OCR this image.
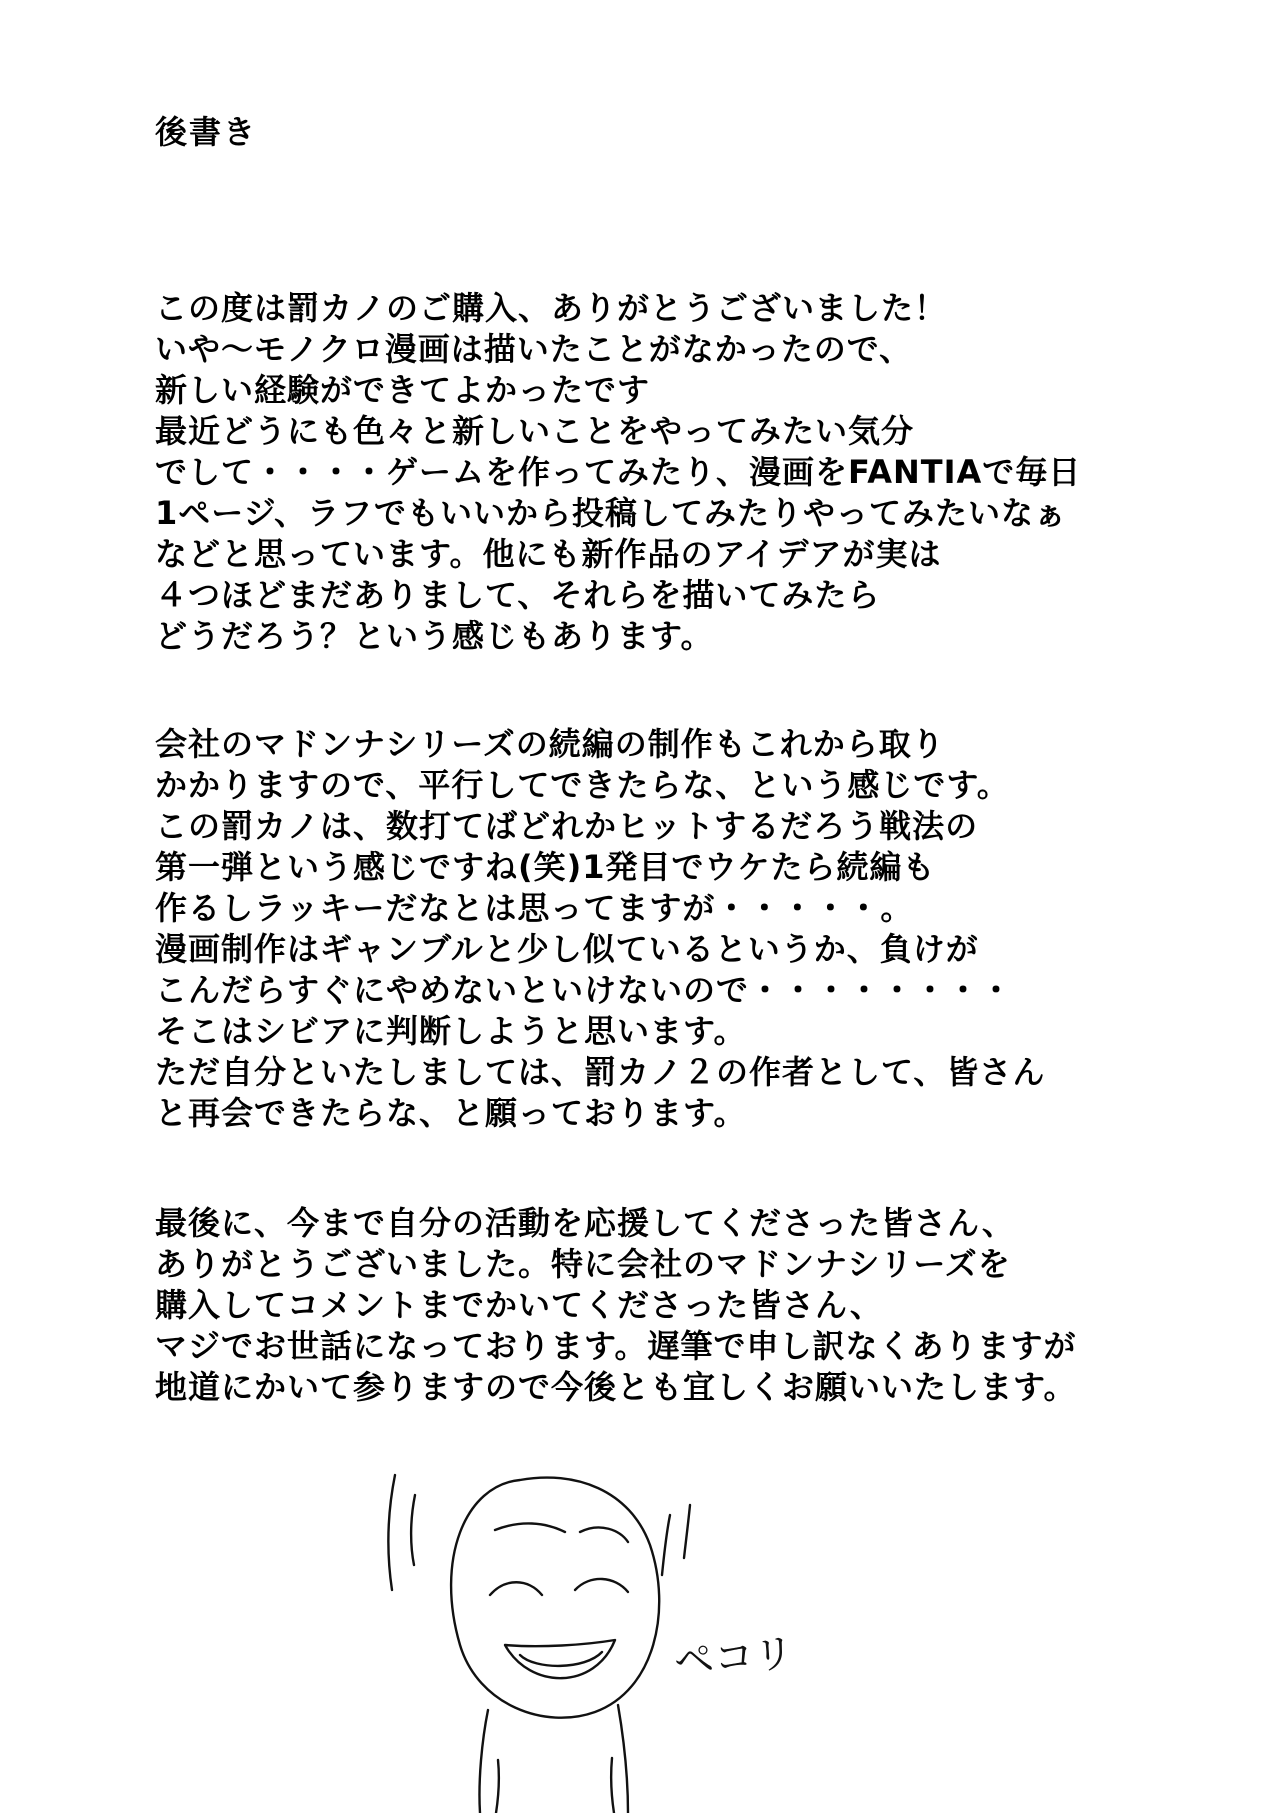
後書き
この度は罰カノのご購入、ありがとうございました！
いや〜モノクロ漫画は描いたことがなかったので、
新しい経験ができてよかったです
最近どうにも色々と新しいことをやってみたい気分
でして・・・・ゲームを作ってみたり、漫画をFANTIAで毎日
1ページ、ラフでもいいから投稿してみたりやってみたいなぁ
などと思っています。他にも新作品のアイデアが実は
４つほどまだありまして、それらを描いてみたら
どうだろう？という感じもあります。
会社のマドンナシリーズの続編の制作もこれから取り
かかりますので、平行してできたらな、という感じです。
この罰カノは、数打てばどれかヒットするだろう戦法の
第一弾という感じですね(笑)1発目でウケたら続編も
作るしラッキーだなとは思ってますが・・・・・。
漫画制作はギャンブルと少し似ているというか、負けが
こんだらすぐにやめないといけないので・・・・・・・・
そこはシビアに判断しようと思います。
ただ自分といたしましては、罰カノ２の作者として、皆さん
と再会できたらな、と願っております。
最後に、今まで自分の活動を応援してくださった皆さん、
ありがとうございました。特に会社のマドンナシリーズを
購入してコメントまでかいてくださった皆さん、
マジでお世話になっております。遅筆で申し訳なくありますが
地道にかいて参りますので今後とも宜しくお願いいたします。
ペコリ
